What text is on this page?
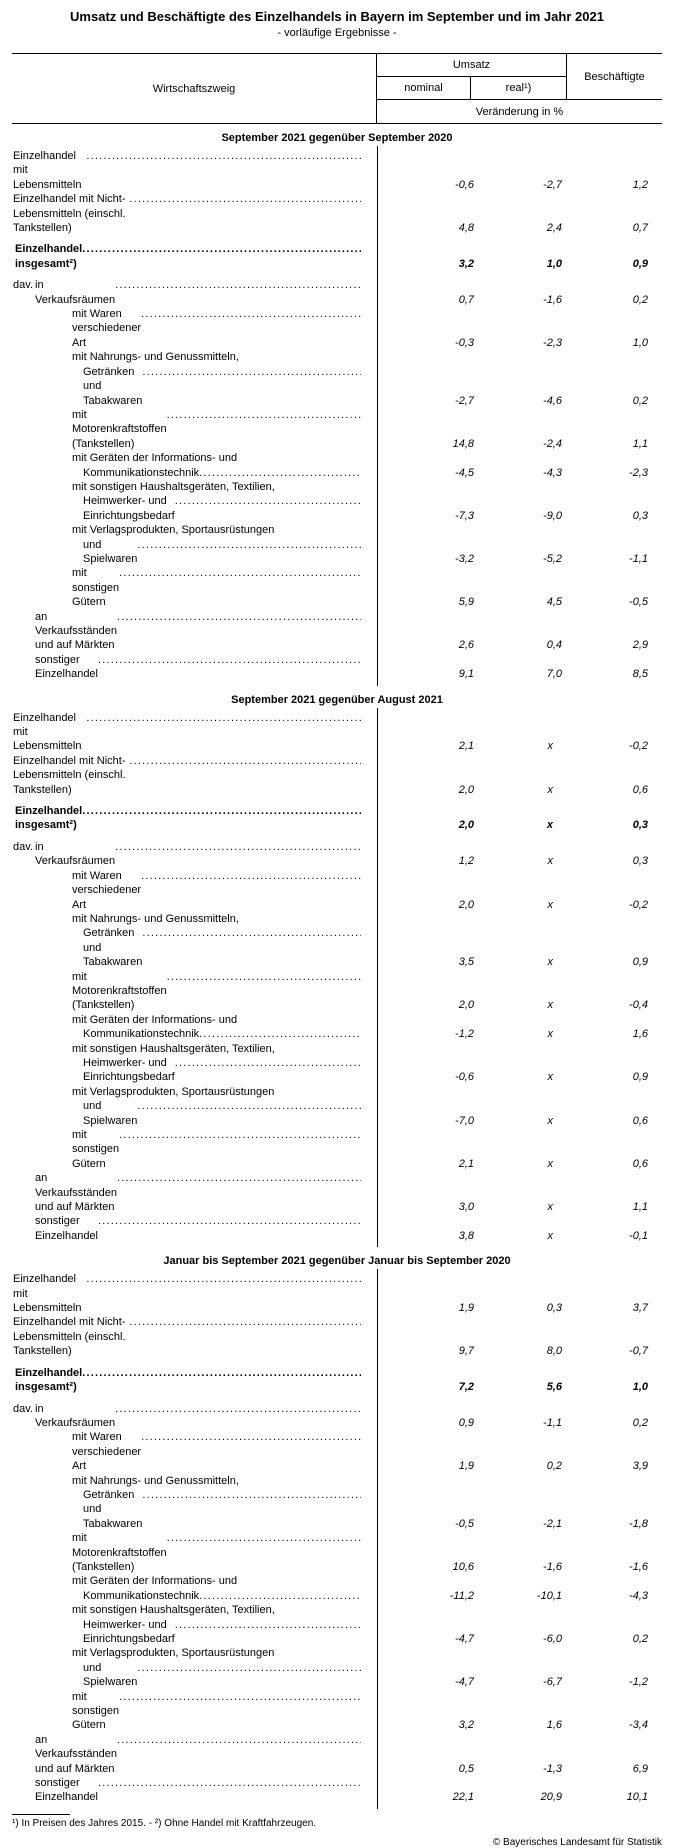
Umsatz und Beschäftigte des Einzelhandels in Bayern im September und im Jahr 2021
- vorläufige Ergebnisse -
Wirtschaftszweig
Umsatz
Beschäftigte
nominal	real¹)
Veränderung in %
September 2021 gegenüber September 2020
Einzelhandel mit Lebensmitteln
.....	-0,6	-2,7	1,2
Einzelhandel mit Nicht-Lebensmitteln (einschl. Tankstellen)
.....	4,8	2,4	0,7
Einzelhandel insgesamt²)
.....	3,2	1,0	0,9
dav. in Verkaufsräumen
.....	0,7	-1,6	0,2
mit Waren verschiedener Art
.....	-0,3	-2,3	1,0
mit Nahrungs- und Genussmitteln,
Getränken und Tabakwaren
.....	-2,7	-4,6	0,2
mit Motorenkraftstoffen (Tankstellen)
.....	14,8	-2,4	1,1
mit Geräten der Informations- und
Kommunikationstechnik .....	-4,5	-4,3	-2,3
mit sonstigen Haushaltsgeräten, Textilien,
Heimwerker- und Einrichtungsbedarf
.....	-7,3	-9,0	0,3
mit Verlagsprodukten, Sportausrüstungen
und Spielwaren
.....	-3,2	-5,2	-1,1
mit sonstigen Gütern
.....	5,9	4,5	-0,5
an Verkaufsständen und auf Märkten
.....	2,6	0,4	2,9
sonstiger Einzelhandel
.....	9,1	7,0	8,5
September 2021 gegenüber August 2021
Einzelhandel mit Lebensmitteln
.....	2,1	x	-0,2
Einzelhandel mit Nicht-Lebensmitteln (einschl. Tankstellen)
.....	2,0	x	0,6
Einzelhandel insgesamt²)
.....	2,0	x	0,3
dav. in Verkaufsräumen
.....	1,2	x	0,3
mit Waren verschiedener Art
.....	2,0	x	-0,2
mit Nahrungs- und Genussmitteln,
Getränken und Tabakwaren
.....	3,5	x	0,9
mit Motorenkraftstoffen (Tankstellen)
.....	2,0	x	-0,4
mit Geräten der Informations- und
Kommunikationstechnik .....	-1,2	x	1,6
mit sonstigen Haushaltsgeräten, Textilien,
Heimwerker- und Einrichtungsbedarf
.....	-0,6	x	0,9
mit Verlagsprodukten, Sportausrüstungen
und Spielwaren
.....	-7,0	x	0,6
mit sonstigen Gütern
.....	2,1	x	0,6
an Verkaufsständen und auf Märkten
.....	3,0	x	1,1
sonstiger Einzelhandel
.....	3,8	x	-0,1
Januar bis September 2021 gegenüber Januar bis September 2020
Einzelhandel mit Lebensmitteln
.....	1,9	0,3	3,7
Einzelhandel mit Nicht-Lebensmitteln (einschl. Tankstellen)
.....	9,7	8,0	-0,7
Einzelhandel insgesamt²)
.....	7,2	5,6	1,0
dav. in Verkaufsräumen
.....	0,9	-1,1	0,2
mit Waren verschiedener Art
.....	1,9	0,2	3,9
mit Nahrungs- und Genussmitteln,
Getränken und Tabakwaren
.....	-0,5	-2,1	-1,8
mit Motorenkraftstoffen (Tankstellen)
.....	10,6	-1,6	-1,6
mit Geräten der Informations- und
Kommunikationstechnik .....	-11,2	-10,1	-4,3
mit sonstigen Haushaltsgeräten, Textilien,
Heimwerker- und Einrichtungsbedarf
.....	-4,7	-6,0	0,2
mit Verlagsprodukten, Sportausrüstungen
und Spielwaren
.....	-4,7	-6,7	-1,2
mit sonstigen Gütern
.....	3,2	1,6	-3,4
an Verkaufsständen und auf Märkten
.....	0,5	-1,3	6,9
sonstiger Einzelhandel
.....	22,1	20,9	10,1
¹) In Preisen des Jahres 2015. - ²) Ohne Handel mit Kraftfahrzeugen.
© Bayerisches Landesamt für Statistik
